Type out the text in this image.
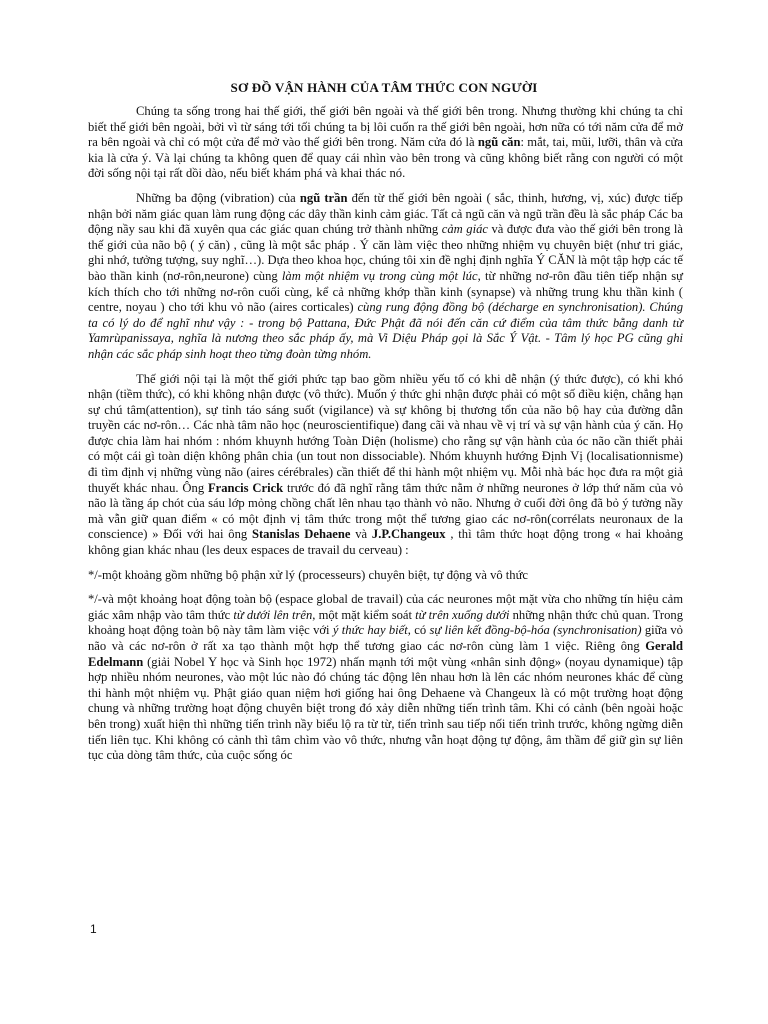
SƠ ĐỒ VẬN HÀNH CỦA TÂM THỨC CON NGƯỜI

Chúng ta sống trong hai thế giới, thế giới bên ngoài và thế giới bên trong. Nhưng thường khi chúng ta chỉ biết thế giới bên ngoài, bởi vì từ sáng tới tối chúng ta bị lôi cuốn ra thế giới bên ngoài, hơn nữa có tới năm cửa để mở ra bên ngoài và chỉ có một cửa để mở vào thế giới bên trong. Năm cửa đó là ngũ căn: mắt, tai, mũi, lưỡi, thân và cửa kia là cửa ý. Và lại chúng ta không quen để quay cái nhìn vào bên trong và cũng không biết rằng con người có một đời sống nội tại rất dồi dào, nếu biết khám phá và khai thác nó.

Những ba động (vibration) của ngũ trần đến từ thế giới bên ngoài ( sắc, thinh, hương, vị, xúc) được tiếp nhận bởi năm giác quan làm rung động các dây thần kinh cảm giác. Tất cả ngũ căn và ngũ trần đều là sắc pháp Các ba động nầy sau khi đã xuyên qua các giác quan chúng trở thành những cảm giác và được đưa vào thế giới bên trong là thế giới của não bộ ( ý căn) , cũng là một sắc pháp . Ý căn làm việc theo những nhiệm vụ chuyên biệt (như tri giác, ghi nhớ, tưởng tượng, suy nghĩ…). Dựa theo khoa học, chúng tôi xin đề nghị định nghĩa Ý CĂN là một tập hợp các tế bào thần kinh (nơ-rôn,neurone) cùng làm một nhiệm vụ trong cùng một lúc, từ những nơ-rôn đầu tiên tiếp nhận sự kích thích cho tới những nơ-rôn cuối cùng, kể cả những khớp thần kinh (synapse) và những trung khu thần kinh ( centre, noyau ) cho tới khu vỏ não (aires corticales) cùng rung động đồng bộ (décharge en synchronisation). Chúng ta có lý do để nghĩ như vậy : - trong bộ Pattana, Đức Phật đã nói đến căn cứ điểm của tâm thức bằng danh từ Yamrùpanissaya, nghĩa là nương theo sắc pháp ấy, mà Vi Diệu Pháp gọi là Sắc Ý Vật. - Tâm lý học PG cũng ghi nhận các sắc pháp sinh hoạt theo từng đoàn từng nhóm.

Thế giới nội tại là một thế giới phức tạp bao gồm nhiều yếu tố có khi dễ nhận (ý thức được), có khi khó nhận (tiềm thức), có khi không nhận được (vô thức). Muốn ý thức ghi nhận được phải có một số điều kiện, chẳng hạn sự chú tâm(attention), sự tỉnh táo sáng suốt (vigilance) và sự không bị thương tổn của não bộ hay của đường dẫn truyền các nơ-rôn… Các nhà tâm não học (neuroscientifique) đang cãi và nhau về vị trí và sự vận hành của ý căn. Họ được chia làm hai nhóm : nhóm khuynh hướng Toàn Diện (holisme) cho rằng sự vận hành của óc não cần thiết phải có một cái gì toàn diện không phân chia (un tout non dissociable). Nhóm khuynh hướng Định Vị (localisationnisme) đi tìm định vị những vùng não (aires cérébrales) cần thiết để thi hành một nhiệm vụ. Mỗi nhà bác học đưa ra một giả thuyết khác nhau. Ông Francis Crick trước đó đã nghĩ rằng tâm thức nằm ở những neurones ở lớp thứ năm của vỏ não là tầng áp chót của sáu lớp mỏng chồng chất lên nhau tạo thành vỏ não. Nhưng ở cuối đời ông đã bỏ ý tưởng nầy mà vẫn giữ quan điểm « có một định vị tâm thức trong một thể tương giao các nơ-rôn(corrélats neuronaux de la conscience) » Đối với hai ông Stanislas Dehaene và J.P.Changeux , thì tâm thức hoạt động trong « hai khoảng không gian khác nhau (les deux espaces de travail du cerveau) :

*/-một khoảng gồm những bộ phận xử lý (processeurs) chuyên biệt, tự động và vô thức

*/-và một khoảng hoạt động toàn bộ (espace global de travail) của các neurones một mặt vừa cho những tín hiệu cảm giác xâm nhập vào tâm thức từ dưới lên trên, một mặt kiểm soát từ trên xuống dưới những nhận thức chủ quan. Trong khoảng hoạt động toàn bộ này tâm làm việc với ý thức hay biết, có sự liên kết đồng-bộ-hóa (synchronisation) giữa vỏ não và các nơ-rôn ở rất xa tạo thành một hợp thể tương giao các nơ-rôn cùng làm 1 việc. Riêng ông Gerald Edelmann (giải Nobel Y học và Sinh học 1972) nhấn mạnh tới một vùng «nhân sinh động» (noyau dynamique) tập hợp nhiều nhóm neurones, vào một lúc nào đó chúng tác động lên nhau hơn là lên các nhóm neurones khác để cùng thi hành một nhiệm vụ. Phật giáo quan niệm hơi giống hai ông Dehaene và Changeux là có một trường hoạt động chung và những trường hoạt động chuyên biệt trong đó xảy diễn những tiến trình tâm. Khi có cảnh (bên ngoài hoặc bên trong) xuất hiện thì những tiến trình nầy biểu lộ ra từ từ, tiến trình sau tiếp nối tiến trình trước, không ngừng diễn tiến liên tục. Khi không có cảnh thì tâm chìm vào vô thức, nhưng vẫn hoạt động tự động, âm thầm để giữ gìn sự liên tục của dòng tâm thức, của cuộc sống óc

1
